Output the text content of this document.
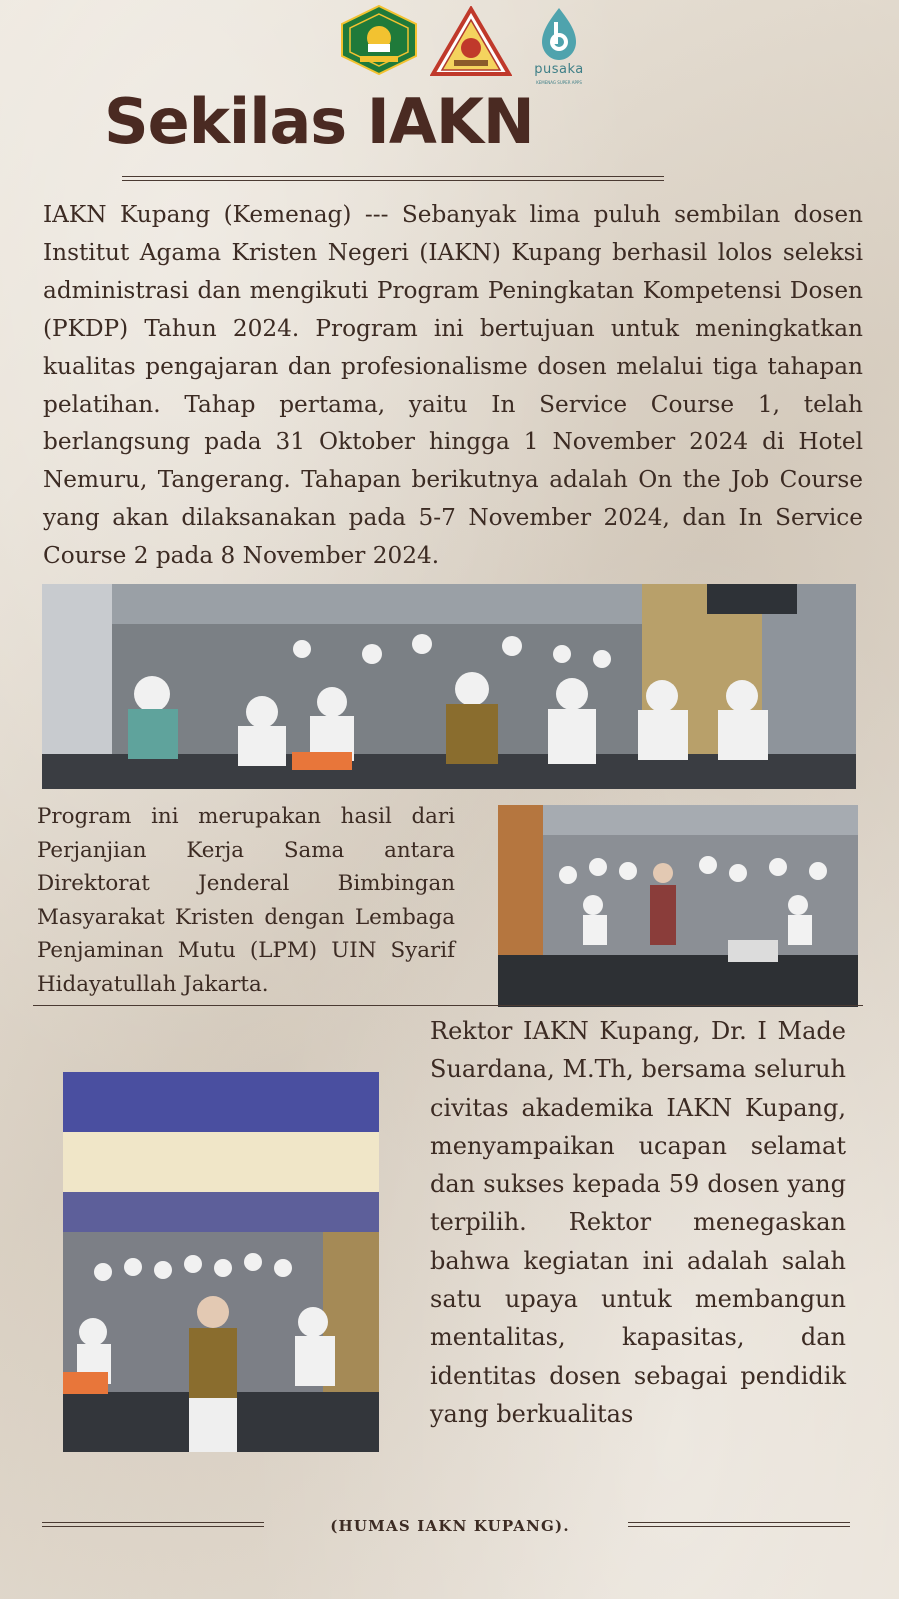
pusaka
KEMENAG SUPER APPS
Sekilas IAKN
IAKN Kupang (Kemenag) --- Sebanyak lima puluh sembilan dosen Institut Agama Kristen Negeri (IAKN) Kupang berhasil lolos seleksi administrasi dan mengikuti Program Peningkatan Kompetensi Dosen (PKDP) Tahun 2024. Program ini bertujuan untuk meningkatkan kualitas pengajaran dan profesionalisme dosen melalui tiga tahapan pelatihan. Tahap pertama, yaitu In Service Course 1, telah berlangsung pada 31 Oktober hingga 1 November 2024 di Hotel Nemuru, Tangerang. Tahapan berikutnya adalah On the Job Course yang akan dilaksanakan pada 5-7 November 2024, dan In Service Course 2 pada 8 November 2024.
Program ini merupakan hasil dari Perjanjian Kerja Sama antara Direktorat Jenderal Bimbingan Masyarakat Kristen dengan Lembaga Penjaminan Mutu (LPM) UIN Syarif Hidayatullah Jakarta.
Rektor IAKN Kupang, Dr. I Made Suardana, M.Th, bersama seluruh civitas akademika IAKN Kupang, menyampaikan ucapan selamat dan sukses kepada 59 dosen yang terpilih. Rektor menegaskan bahwa kegiatan ini adalah salah satu upaya untuk membangun mentalitas, kapasitas, dan identitas dosen sebagai pendidik yang berkualitas
(HUMAS IAKN KUPANG).
